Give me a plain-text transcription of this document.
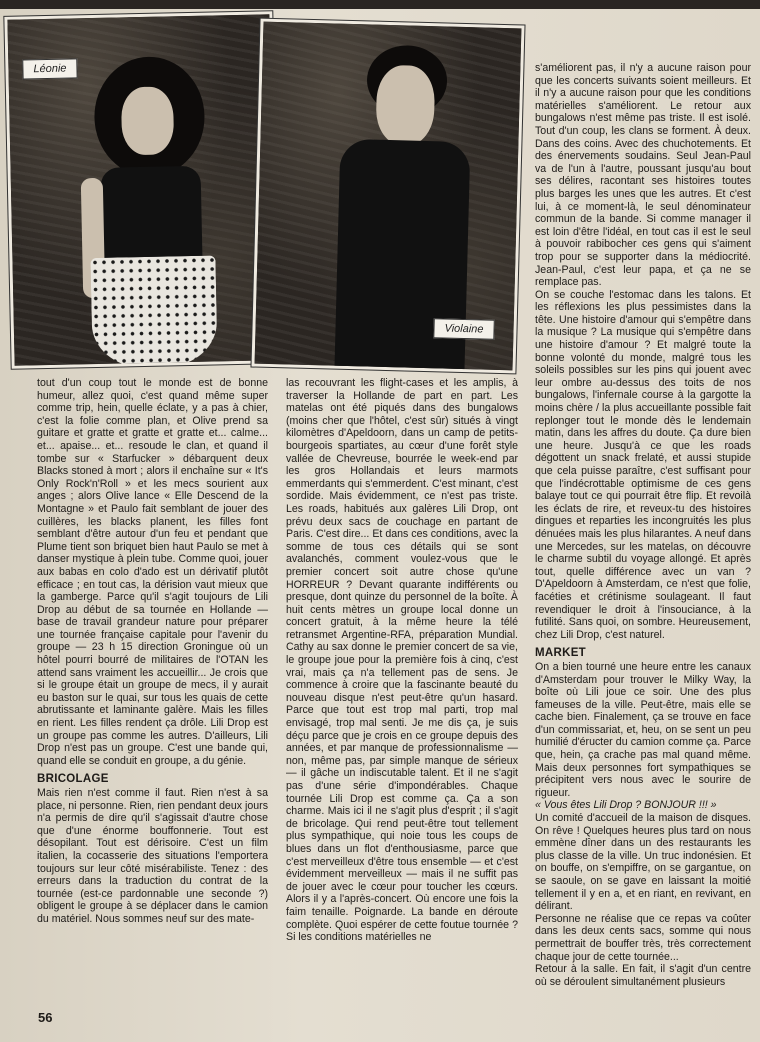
Léonie
Violaine

tout d'un coup tout le monde est de bonne humeur, allez quoi, c'est quand même super comme trip, hein, quelle éclate, y a pas à chier, c'est la folie comme plan, et Olive prend sa guitare et gratte et gratte et gratte et... calme... et... apaise... et... resoude le clan, et quand il tombe sur « Starfucker » débarquent deux Blacks stoned à mort ; alors il enchaîne sur « It's Only Rock'n'Roll » et les mecs sourient aux anges ; alors Olive lance « Elle Descend de la Montagne » et Paulo fait semblant de jouer des cuillères, les blacks planent, les filles font semblant d'être autour d'un feu et pendant que Plume tient son briquet bien haut Paulo se met à danser mystique à plein tube. Comme quoi, jouer aux babas en colo d'ado est un dérivatif plutôt efficace ; en tout cas, la dérision vaut mieux que la gamberge. Parce qu'il s'agit toujours de Lili Drop au début de sa tournée en Hollande — base de travail grandeur nature pour préparer une tournée française capitale pour l'avenir du groupe — 23 h 15 direction Groningue où un hôtel pourri bourré de militaires de l'OTAN les attend sans vraiment les accueillir... Je crois que si le groupe était un groupe de mecs, il y aurait eu baston sur le quai, sur tous les quais de cette abrutissante et laminante galère. Mais les filles en rient. Les filles rendent ça drôle. Lili Drop est un groupe pas comme les autres. D'ailleurs, Lili Drop n'est pas un groupe. C'est une bande qui, quand elle se conduit en groupe, a du génie.

BRICOLAGE

Mais rien n'est comme il faut. Rien n'est à sa place, ni personne. Rien, rien pendant deux jours n'a permis de dire qu'il s'agissait d'autre chose que d'une énorme bouffonnerie. Tout est désopilant. Tout est dérisoire. C'est un film italien, la cocasserie des situations l'emportera toujours sur leur côté misérabiliste. Tenez : des erreurs dans la traduction du contrat de la tournée (est-ce pardonnable une seconde ?) obligent le groupe à se déplacer dans le camion du matériel. Nous sommes neuf sur des mate-

las recouvrant les flight-cases et les amplis, à traverser la Hollande de part en part. Les matelas ont été piqués dans des bungalows (moins cher que l'hôtel, c'est sûr) situés à vingt kilomètres d'Apeldoorn, dans un camp de petits-bourgeois spartiates, au cœur d'une forêt style vallée de Chevreuse, bourrée le week-end par les gros Hollandais et leurs marmots emmerdants qui s'emmerdent. C'est minant, c'est sordide. Mais évidemment, ce n'est pas triste. Les roads, habitués aux galères Lili Drop, ont prévu deux sacs de couchage en partant de Paris. C'est dire... Et dans ces conditions, avec la somme de tous ces détails qui se sont avalanchés, comment voulez-vous que le premier concert soit autre chose qu'une HORREUR ? Devant quarante indifférents ou presque, dont quinze du personnel de la boîte. À huit cents mètres un groupe local donne un concert gratuit, à la même heure la télé retransmet Argentine-RFA, préparation Mundial. Cathy au sax donne le premier concert de sa vie, le groupe joue pour la première fois à cinq, c'est vrai, mais ça n'a tellement pas de sens. Je commence à croire que la fascinante beauté du nouveau disque n'est peut-être qu'un hasard. Parce que tout est trop mal parti, trop mal envisagé, trop mal senti. Je me dis ça, je suis déçu parce que je crois en ce groupe depuis des années, et par manque de professionnalisme — non, même pas, par simple manque de sérieux — il gâche un indiscutable talent. Et il ne s'agit pas d'une série d'impondérables. Chaque tournée Lili Drop est comme ça. Ça a son charme. Mais ici il ne s'agit plus d'esprit ; il s'agit de bricolage. Qui rend peut-être tout tellement plus sympathique, qui noie tous les coups de blues dans un flot d'enthousiasme, parce que c'est merveilleux d'être tous ensemble — et c'est évidemment merveilleux — mais il ne suffit pas de jouer avec le cœur pour toucher les cœurs. Alors il y a l'après-concert. Où encore une fois la faim tenaille. Poignarde. La bande en déroute complète. Quoi espérer de cette foutue tournée ? Si les conditions matérielles ne

s'améliorent pas, il n'y a aucune raison pour que les concerts suivants soient meilleurs. Et il n'y a aucune raison pour que les conditions matérielles s'améliorent. Le retour aux bungalows n'est même pas triste. Il est isolé. Tout d'un coup, les clans se forment. À deux. Dans des coins. Avec des chuchotements. Et des énervements soudains. Seul Jean-Paul va de l'un à l'autre, poussant jusqu'au bout ses délires, racontant ses histoires toutes plus barges les unes que les autres. Et c'est lui, à ce moment-là, le seul dénominateur commun de la bande. Si comme manager il est loin d'être l'idéal, en tout cas il est le seul à pouvoir rabibocher ces gens qui s'aiment trop pour se supporter dans la médiocrité. Jean-Paul, c'est leur papa, et ça ne se remplace pas.

On se couche l'estomac dans les talons. Et les réflexions les plus pessimistes dans la tête. Une histoire d'amour qui s'empêtre dans la musique ? La musique qui s'empêtre dans une histoire d'amour ? Et malgré toute la bonne volonté du monde, malgré tous les soleils possibles sur les pins qui jouent avec leur ombre au-dessus des toits de nos bungalows, l'infernale course à la gargotte la moins chère / la plus accueillante possible fait replonger tout le monde dès le lendemain matin, dans les affres du doute. Ça dure bien une heure. Jusqu'à ce que les roads dégottent un snack frelaté, et aussi stupide que cela puisse paraître, c'est suffisant pour que l'indécrottable optimisme de ces gens balaye tout ce qui pourrait être flip. Et revoilà les éclats de rire, et reveux-tu des histoires dingues et reparties les incongruités les plus dénuées mais les plus hilarantes. A neuf dans une Mercedes, sur les matelas, on découvre le charme subtil du voyage allongé. Et après tout, quelle différence avec un van ? D'Apeldoorn à Amsterdam, ce n'est que folie, facéties et crétinisme soulageant. Il faut revendiquer le droit à l'insouciance, à la futilité. Sans quoi, on sombre. Heureusement, chez Lili Drop, c'est naturel.

MARKET

On a bien tourné une heure entre les canaux d'Amsterdam pour trouver le Milky Way, la boîte où Lili joue ce soir. Une des plus fameuses de la ville. Peut-être, mais elle se cache bien. Finalement, ça se trouve en face d'un commissariat, et, heu, on se sent un peu humilié d'éructer du camion comme ça. Parce que, hein, ça crache pas mal quand même. Mais deux personnes fort sympathiques se précipitent vers nous avec le sourire de rigueur.

« Vous êtes Lili Drop ? BONJOUR !!! »

Un comité d'accueil de la maison de disques. On rêve ! Quelques heures plus tard on nous emmène dîner dans un des restaurants les plus classe de la ville. Un truc indonésien. Et on bouffe, on s'empiffre, on se gargantue, on se saoule, on se gave en laissant la moitié tellement il y en a, et en riant, en revivant, en délirant.

Personne ne réalise que ce repas va coûter dans les deux cents sacs, somme qui nous permettrait de bouffer très, très correctement chaque jour de cette tournée...

Retour à la salle. En fait, il s'agit d'un centre où se déroulent simultanément plusieurs

56
